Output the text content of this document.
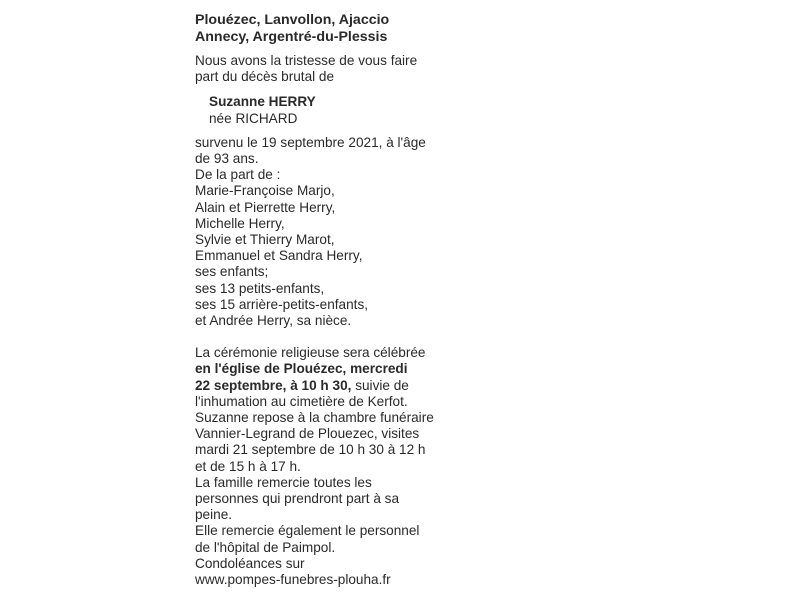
Plouézec, Lanvollon, Ajaccio
Annecy, Argentré-du-Plessis
Nous avons la tristesse de vous faire
part du décès brutal de
Suzanne HERRY
née RICHARD
survenu le 19 septembre 2021, à l'âge
de 93 ans.
De la part de :
Marie-Françoise Marjo,
Alain et Pierrette Herry,
Michelle Herry,
Sylvie et Thierry Marot,
Emmanuel et Sandra Herry,
ses enfants;
ses 13 petits-enfants,
ses 15 arrière-petits-enfants,
et Andrée Herry, sa nièce.
La cérémonie religieuse sera célébrée
en l'église de Plouézec, mercredi
22 septembre, à 10 h 30, suivie de
l'inhumation au cimetière de Kerfot.
Suzanne repose à la chambre funéraire
Vannier-Legrand de Plouezec, visites
mardi 21 septembre de 10 h 30 à 12 h
et de 15 h à 17 h.
La famille remercie toutes les
personnes qui prendront part à sa
peine.
Elle remercie également le personnel
de l'hôpital de Paimpol.
Condoléances sur
www.pompes-funebres-plouha.fr
